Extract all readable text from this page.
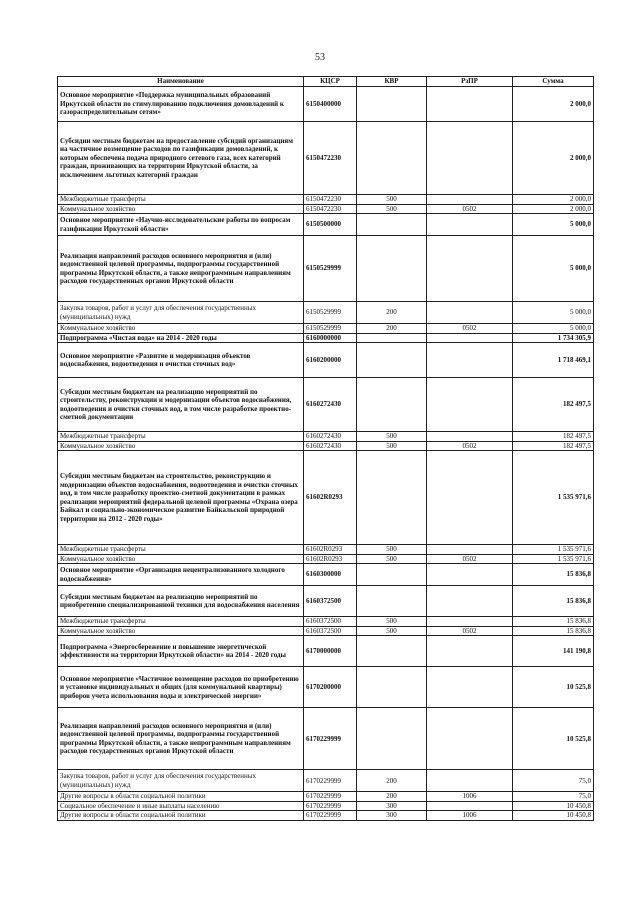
53
Наименование	КЦСР	КВР	РзПР	Сумма
Основное мероприятие «Поддержка муниципальных образований Иркутской области по стимулированию подключения домовладений к газораспределительным сетям»	6150400000			2 000,0
Субсидии местным бюджетам на предоставление субсидий организациям на частичное возмещение расходов по газификации домовладений, к которым обеспечена подача природного сетевого газа, всех категорий граждан, проживающих на территории Иркутской области, за исключением льготных категорий граждан	6150472230			2 000,0
Межбюджетные трансферты	6150472230	500		2 000,0
Коммунальное хозяйство	6150472230	500	0502	2 000,0
Основное мероприятие «Научно-исследовательские работы по вопросам газификации Иркутской области»	6150500000			5 000,0
Реализация направлений расходов основного мероприятия и (или) ведомственной целевой программы, подпрограммы государственной программы Иркутской области, а также непрограммным направлениям расходов государственных органов Иркутской области	6150529999			5 000,0
Закупка товаров, работ и услуг для обеспечения государственных (муниципальных) нужд	6150529999	200		5 000,0
Коммунальное хозяйство	6150529999	200	0502	5 000,0
Подпрограмма «Чистая вода» на 2014 - 2020 годы	6160000000			1 734 305,9
Основное мероприятие «Развитие и модернизация объектов водоснабжения, водоотведения и очистки сточных вод»	6160200000			1 718 469,1
Субсидии местным бюджетам на реализацию мероприятий по строительству, реконструкции и модернизации объектов водоснабжения, водоотведения и очистки сточных вод, в том числе разработке проектно-сметной документации	6160272430			182 497,5
Межбюджетные трансферты	6160272430	500		182 497,5
Коммунальное хозяйство	6160272430	500	0502	182 497,5
Субсидии местным бюджетам на строительство, реконструкцию и модернизацию объектов водоснабжения, водоотведения и очистки сточных вод, в том числе разработку проектно-сметной документации в рамках реализации мероприятий федеральной целевой программы «Охрана озера Байкал и социально-экономическое развитие Байкальской природной территории на 2012 - 2020 годы»	61602R0293			1 535 971,6
Межбюджетные трансферты	61602R0293	500		1 535 971,6
Коммунальное хозяйство	61602R0293	500	0502	1 535 971,6
Основное мероприятие «Организация нецентрализованного холодного водоснабжения»	6160300000			15 836,8
Субсидии местным бюджетам на реализацию мероприятий по приобретению специализированной техники для водоснабжения населения	6160372500			15 836,8
Межбюджетные трансферты	6160372500	500		15 836,8
Коммунальное хозяйство	6160372500	500	0502	15 836,8
Подпрограмма «Энергосбережение и повышение энергетической эффективности на территории Иркутской области» на 2014 - 2020 годы	6170000000			141 190,8
Основное мероприятие «Частичное возмещение расходов по приобретению и установке индивидуальных и общих (для коммунальной квартиры) приборов учета использования воды и электрической энергии»	6170200000			10 525,8
Реализация направлений расходов основного мероприятия и (или) ведомственной целевой программы, подпрограммы государственной программы Иркутской области, а также непрограммным направлениям расходов государственных органов Иркутской области	6170229999			10 525,8
Закупка товаров, работ и услуг для обеспечения государственных (муниципальных) нужд	6170229999	200		75,0
Другие вопросы в области социальной политики	6170229999	200	1006	75,0
Социальное обеспечение и иные выплаты населению	6170229999	300		10 450,8
Другие вопросы в области социальной политики	6170229999	300	1006	10 450,8
